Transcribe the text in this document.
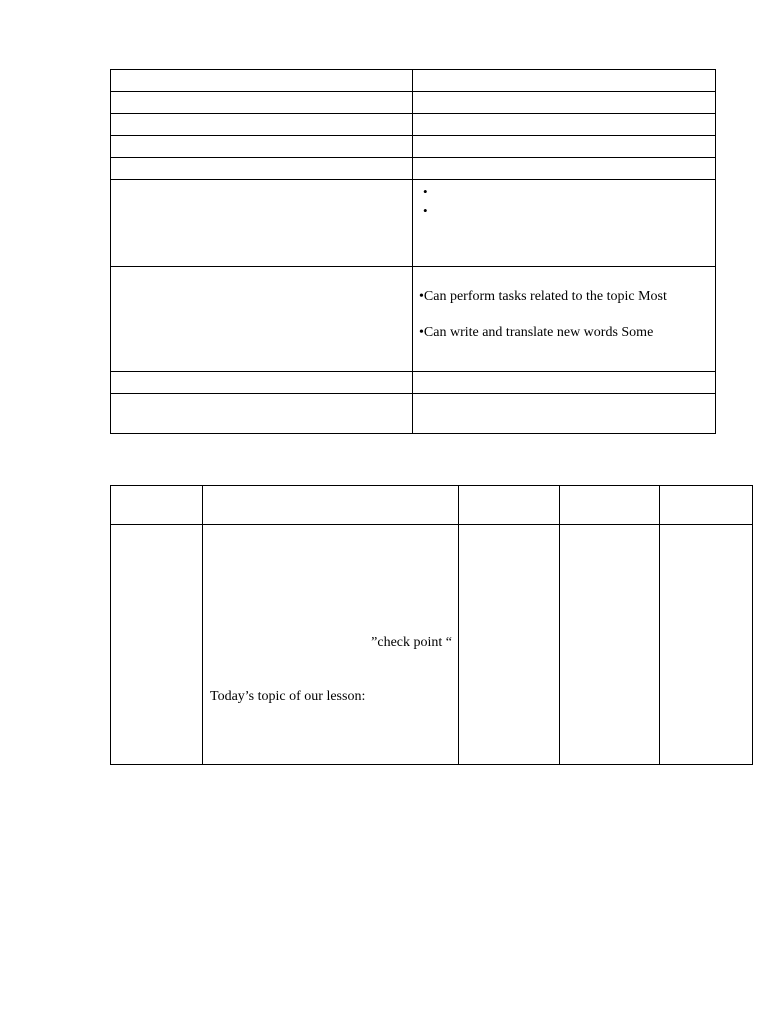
	•
•

	•Can perform tasks related to the topic Most
•Can write and translate new words Some

	”check point “
Today’s topic of our lesson:			
